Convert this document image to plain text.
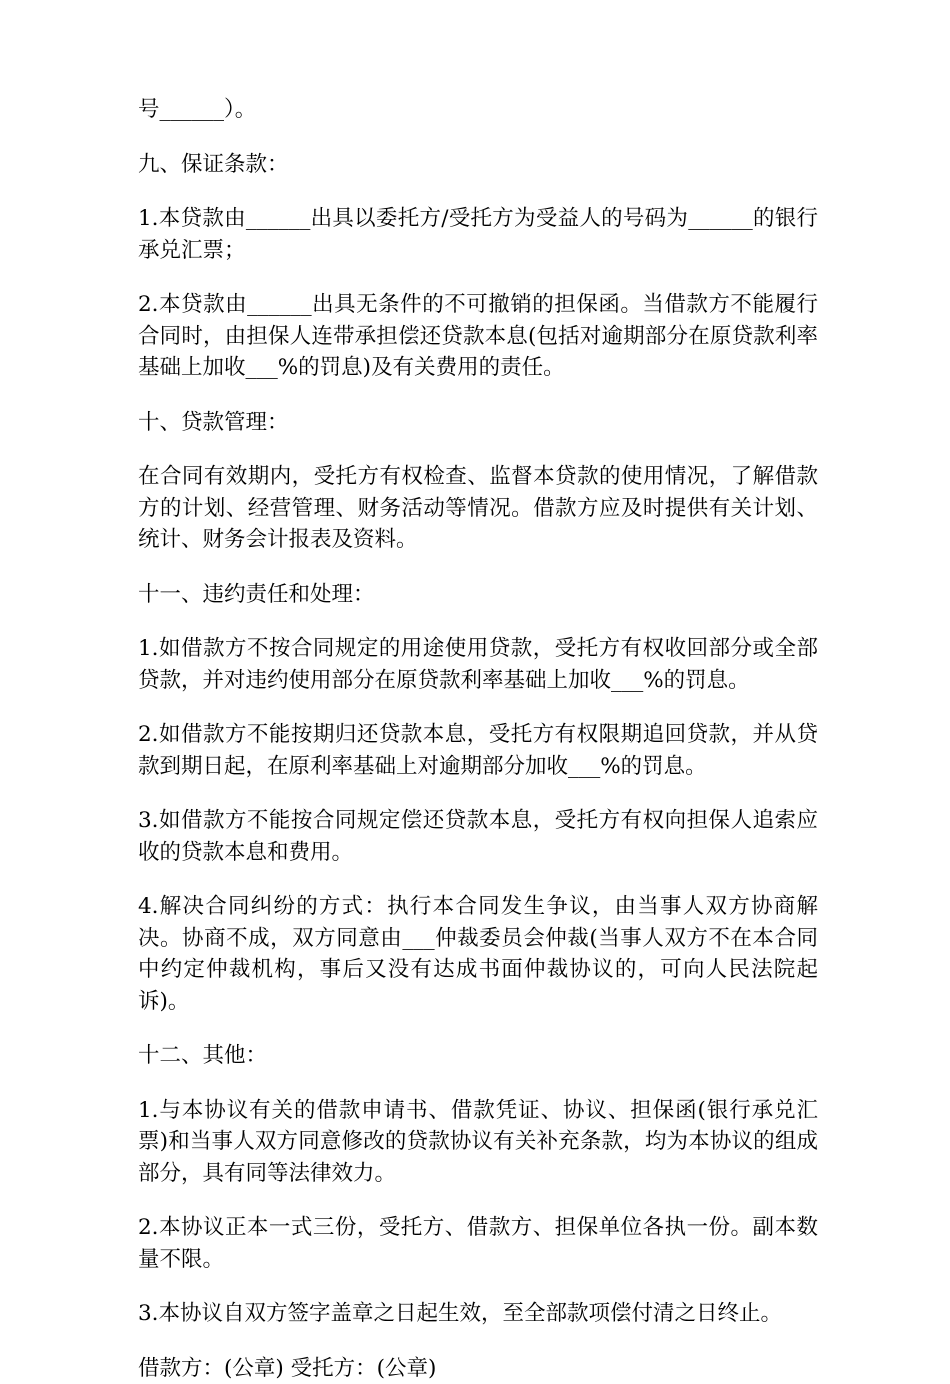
号______）。

九、保证条款：

1.本贷款由______出具以委托方/受托方为受益人的号码为______的银行承兑汇票；

2.本贷款由______出具无条件的不可撤销的担保函。当借款方不能履行合同时，由担保人连带承担偿还贷款本息(包括对逾期部分在原贷款利率基础上加收___%的罚息)及有关费用的责任。

十、贷款管理：

在合同有效期内，受托方有权检查、监督本贷款的使用情况，了解借款方的计划、经营管理、财务活动等情况。借款方应及时提供有关计划、统计、财务会计报表及资料。

十一、违约责任和处理：

1.如借款方不按合同规定的用途使用贷款，受托方有权收回部分或全部贷款，并对违约使用部分在原贷款利率基础上加收___%的罚息。

2.如借款方不能按期归还贷款本息，受托方有权限期追回贷款，并从贷款到期日起，在原利率基础上对逾期部分加收___%的罚息。

3.如借款方不能按合同规定偿还贷款本息，受托方有权向担保人追索应收的贷款本息和费用。

4.解决合同纠纷的方式：执行本合同发生争议，由当事人双方协商解决。协商不成，双方同意由___仲裁委员会仲裁(当事人双方不在本合同中约定仲裁机构，事后又没有达成书面仲裁协议的，可向人民法院起诉)。

十二、其他：

1.与本协议有关的借款申请书、借款凭证、协议、担保函(银行承兑汇票)和当事人双方同意修改的贷款协议有关补充条款，均为本协议的组成部分，具有同等法律效力。

2.本协议正本一式三份，受托方、借款方、担保单位各执一份。副本数量不限。

3.本协议自双方签字盖章之日起生效，至全部款项偿付清之日终止。

借款方：(公章) 受托方：(公章)
